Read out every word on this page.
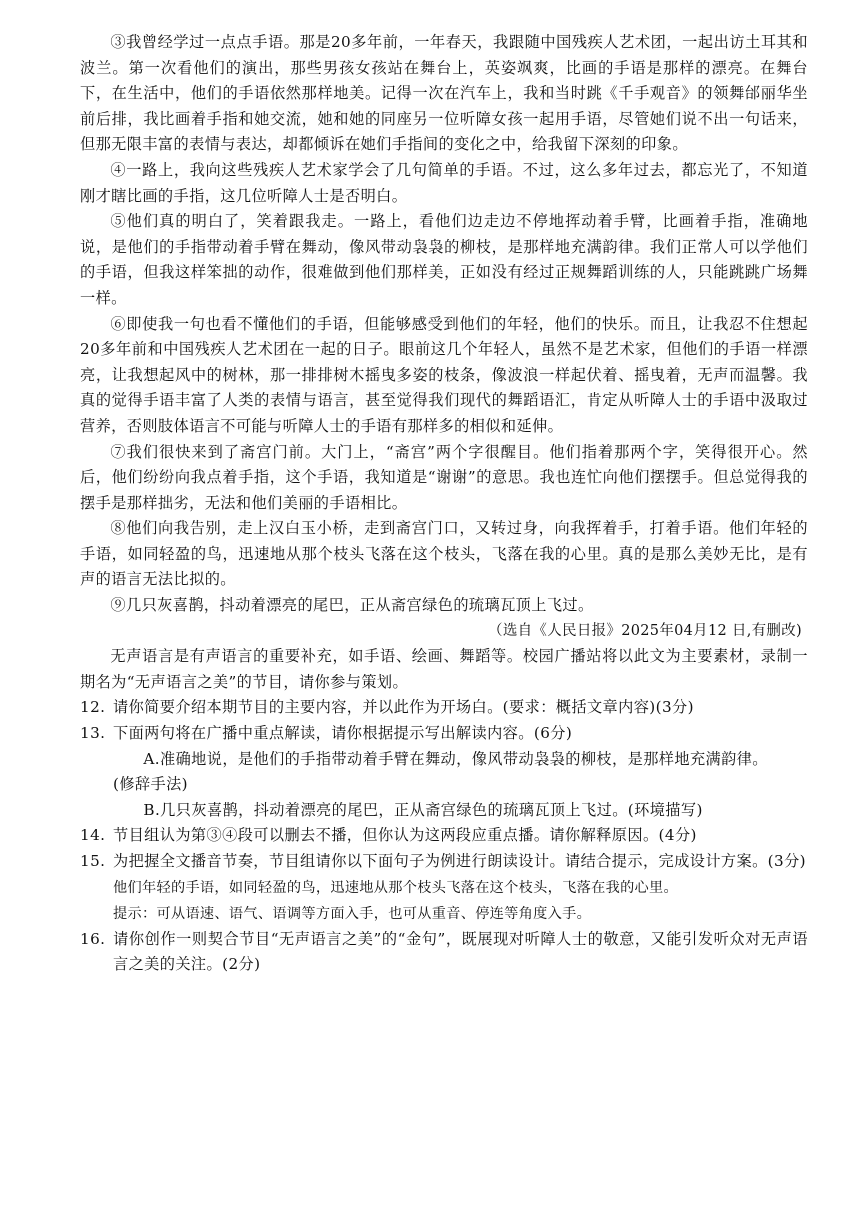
③我曾经学过一点点手语。那是20多年前，一年春天，我跟随中国残疾人艺术团，一起出访土耳其和波兰。第一次看他们的演出，那些男孩女孩站在舞台上，英姿飒爽，比画的手语是那样的漂亮。在舞台下，在生活中，他们的手语依然那样地美。记得一次在汽车上，我和当时跳《千手观音》的领舞邰丽华坐前后排，我比画着手指和她交流，她和她的同座另一位听障女孩一起用手语，尽管她们说不出一句话来，但那无限丰富的表情与表达，却都倾诉在她们手指间的变化之中，给我留下深刻的印象。

④一路上，我向这些残疾人艺术家学会了几句简单的手语。不过，这么多年过去，都忘光了，不知道刚才瞎比画的手指，这几位听障人士是否明白。

⑤他们真的明白了，笑着跟我走。一路上，看他们边走边不停地挥动着手臂，比画着手指，准确地说，是他们的手指带动着手臂在舞动，像风带动袅袅的柳枝，是那样地充满韵律。我们正常人可以学他们的手语，但我这样笨拙的动作，很难做到他们那样美，正如没有经过正规舞蹈训练的人，只能跳跳广场舞一样。

⑥即使我一句也看不懂他们的手语，但能够感受到他们的年轻，他们的快乐。而且，让我忍不住想起20多年前和中国残疾人艺术团在一起的日子。眼前这几个年轻人，虽然不是艺术家，但他们的手语一样漂亮，让我想起风中的树林，那一排排树木摇曳多姿的枝条，像波浪一样起伏着、摇曳着，无声而温馨。我真的觉得手语丰富了人类的表情与语言，甚至觉得我们现代的舞蹈语汇，肯定从听障人士的手语中汲取过营养，否则肢体语言不可能与听障人士的手语有那样多的相似和延伸。

⑦我们很快来到了斋宫门前。大门上，“斋宫”两个字很醒目。他们指着那两个字，笑得很开心。然后，他们纷纷向我点着手指，这个手语，我知道是“谢谢”的意思。我也连忙向他们摆摆手。但总觉得我的摆手是那样拙劣，无法和他们美丽的手语相比。

⑧他们向我告别，走上汉白玉小桥，走到斋宫门口，又转过身，向我挥着手，打着手语。他们年轻的手语，如同轻盈的鸟，迅速地从那个枝头飞落在这个枝头，飞落在我的心里。真的是那么美妙无比，是有声的语言无法比拟的。

⑨几只灰喜鹊，抖动着漂亮的尾巴，正从斋宫绿色的琉璃瓦顶上飞过。

（选自《人民日报》2025年04月12 日,有删改)

无声语言是有声语言的重要补充，如手语、绘画、舞蹈等。校园广播站将以此文为主要素材，录制一期名为“无声语言之美”的节目，请你参与策划。

12. 请你简要介绍本期节目的主要内容，并以此作为开场白。(要求：概括文章内容)(3分)

13. 下面两句将在广播中重点解读，请你根据提示写出解读内容。(6分)

A.准确地说，是他们的手指带动着手臂在舞动，像风带动袅袅的柳枝，是那样地充满韵律。

(修辞手法)

B.几只灰喜鹊，抖动着漂亮的尾巴，正从斋宫绿色的琉璃瓦顶上飞过。(环境描写)

14. 节目组认为第③④段可以删去不播，但你认为这两段应重点播。请你解释原因。(4分)

15. 为把握全文播音节奏，节目组请你以下面句子为例进行朗读设计。请结合提示，完成设计方案。(3分)

他们年轻的手语，如同轻盈的鸟，迅速地从那个枝头飞落在这个枝头，飞落在我的心里。

提示：可从语速、语气、语调等方面入手，也可从重音、停连等角度入手。

16. 请你创作一则契合节目“无声语言之美”的“金句”，既展现对听障人士的敬意，又能引发听众对无声语言之美的关注。(2分)
